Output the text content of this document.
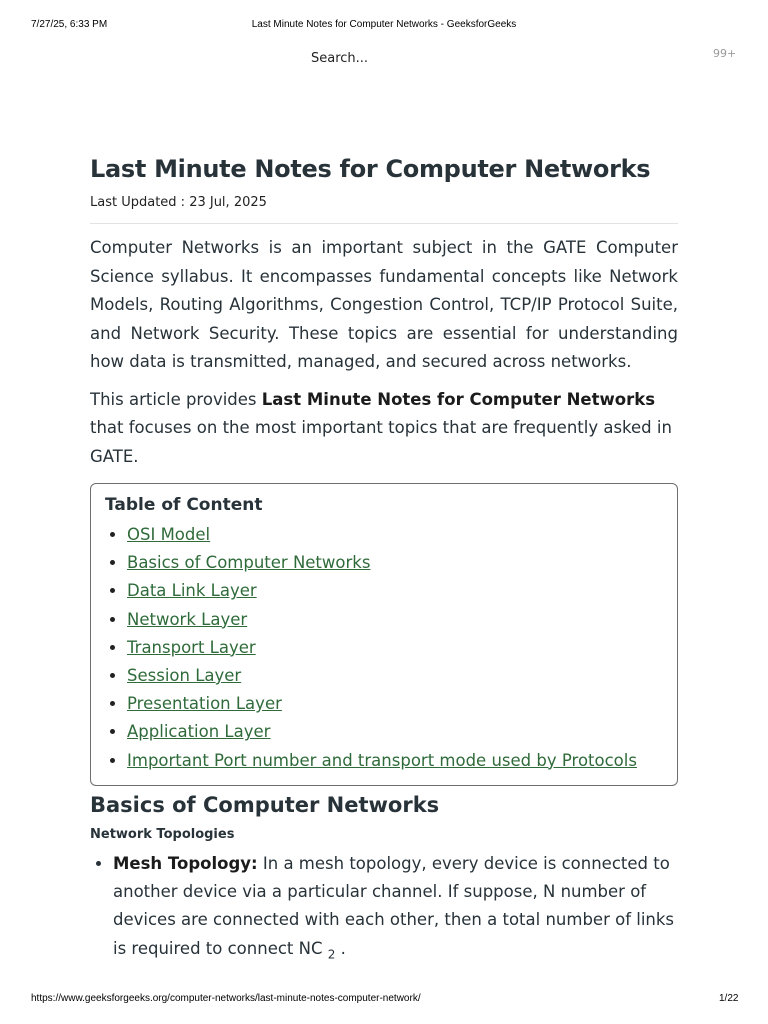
7/27/25, 6:33 PM	Last Minute Notes for Computer Networks - GeeksforGeeks
Search...	99+
Last Minute Notes for Computer Networks
Last Updated : 23 Jul, 2025

Computer Networks is an important subject in the GATE Computer Science syllabus. It encompasses fundamental concepts like Network Models, Routing Algorithms, Congestion Control, TCP/IP Protocol Suite, and Network Security. These topics are essential for understanding how data is transmitted, managed, and secured across networks.

This article provides Last Minute Notes for Computer Networks that focuses on the most important topics that are frequently asked in GATE.

Table of Content
• OSI Model
• Basics of Computer Networks
• Data Link Layer
• Network Layer
• Transport Layer
• Session Layer
• Presentation Layer
• Application Layer
• Important Port number and transport mode used by Protocols
Basics of Computer Networks
Network Topologies
• Mesh Topology: In a mesh topology, every device is connected to another device via a particular channel. If suppose, N number of devices are connected with each other, then a total number of links is required to connect NC $_2$ .
https://www.geeksforgeeks.org/computer-networks/last-minute-notes-computer-network/	1/22
